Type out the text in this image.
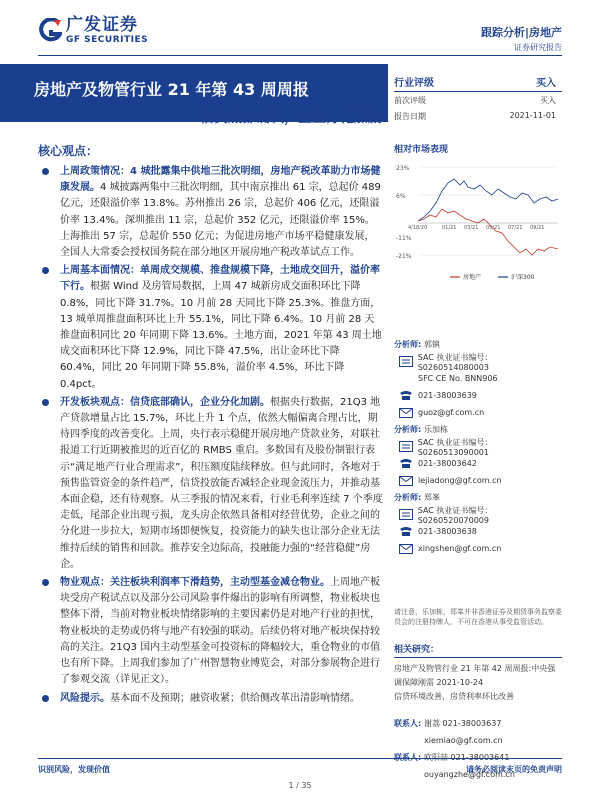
广发证券
GF SECURITIES
跟踪分析|房地产
证券研究报告
房地产及物管行业 21 年第 43 周周报
信贷底部确认，企业分化加剧
行业评级	买入
前次评级	买入
报告日期	2021-11-01
核心观点：
上周政策情况：4 城批露集中供地三批次明细，房地产税改革助力市场健康发展。4 城披露两集中三批次明细，其中南京推出 61 宗，总起价 489 亿元，还限溢价率 13.8%。苏州推出 26 宗，总起价 406 亿元，还限溢价率 13.4%。深圳推出 11 宗，总起价 352 亿元，还限溢价率 15%。上海推出 57 宗，总起价 550 亿元；为促进房地产市场平稳健康发展，全国人大常委会授权国务院在部分地区开展房地产税改革试点工作。
上周基本面情况：单周成交规模、推盘规模下降，土地成交回升，溢价率下行。根据 Wind 及房管局数据，上周 47 城新房成交面积环比下降 0.8%，同比下降 31.7%。10 月前 28 天同比下降 25.3%。推盘方面，13 城单周推盘面积环比上升 55.1%，同比下降 6.4%。10 月前 28 天推盘面积同比 20 年同期下降 13.6%。土地方面，2021 年第 43 周土地成交面积环比下降 12.9%，同比下降 47.5%，出让金环比下降 60.4%，同比 20 年同期下降 55.8%，溢价率 4.5%，环比下降 0.4pct。
开发板块观点：信贷底部确认，企业分化加剧。根据央行数据，21Q3 地产贷款增量占比 15.7%，环比上升 1 个点，依然大幅偏离合理占比，期待四季度的改善变化。上周，央行表示稳健开展房地产贷款业务，对联社报道工行近期被推迟的近百亿的 RMBS 重启。多数国有及股份制银行表示“满足地产行业合理需求”，积压额度陆续释放。但与此同时，各地对于预售监管资金的条件趋严，信贷投放能否减轻企业现金流压力，并推动基本面企稳，还有待观察。从三季报的情况来看，行业毛利率连续 7 个季度走低，尾部企业出现亏损，龙头房企依然具备相对经营优势，企业之间的分化进一步拉大，短期市场即便恢复，投资能力的缺失也让部分企业无法维持后续的销售和回款。推荐安全边际高，投融能力强的“经营稳健”房企。
物业观点：关注板块利润率下滑趋势，主动型基金减仓物业。上周地产板块受房产税试点以及部分公司风险事件爆出的影响有所调整，物业板块也整体下滑，当前对物业板块情绪影响的主要因素仍是对地产行业的担忧，物业板块的走势或仍将与地产有较强的联动。后续仍将对地产板块保持较高的关注。21Q3 国内主动型基金可投资标的降幅较大，重仓物业的市值也有所下降。上周我们参加了广州智慧物业博览会，对部分参展物企进行了参观交流（详见正文）。
风险提示。基本面不及预期；融资收紧；供给侧改革出清影响情绪。
相对市场表现
23%
6%
-11%
-21%
4/18/20	01/21 03/21 05/21 07/21 09/21
房地产	沪深300
分析师: 郭镇
SAC 执业证书编号：S0260514080003
SFC CE No. BNN906
021-38003639
guoz@gf.com.cn
分析师: 乐加栋
SAC 执业证书编号：S0260513090001
021-38003642
lejiadong@gf.com.cn
分析师: 郑峯
SAC 执业证书编号：S0260520070009
021-38003638
xingshen@gf.com.cn
请注意，乐加栋，郑峯并非香港证券及期货事务监察委员会的注册持牌人，不可在香港从事受监管活动。
相关研究：
房地产及物管行业 21 年第 42 周周报:中央强调保障刚需 2021-10-24
信贷环境改善，房贷利率环比改善
联系人: 谢荔 021-38003637
xiemiao@gf.com.cn
ouyangzhe@gf.com.cn
识别风险，发现价值	请务必阅读末页的免责声明
1 / 35
